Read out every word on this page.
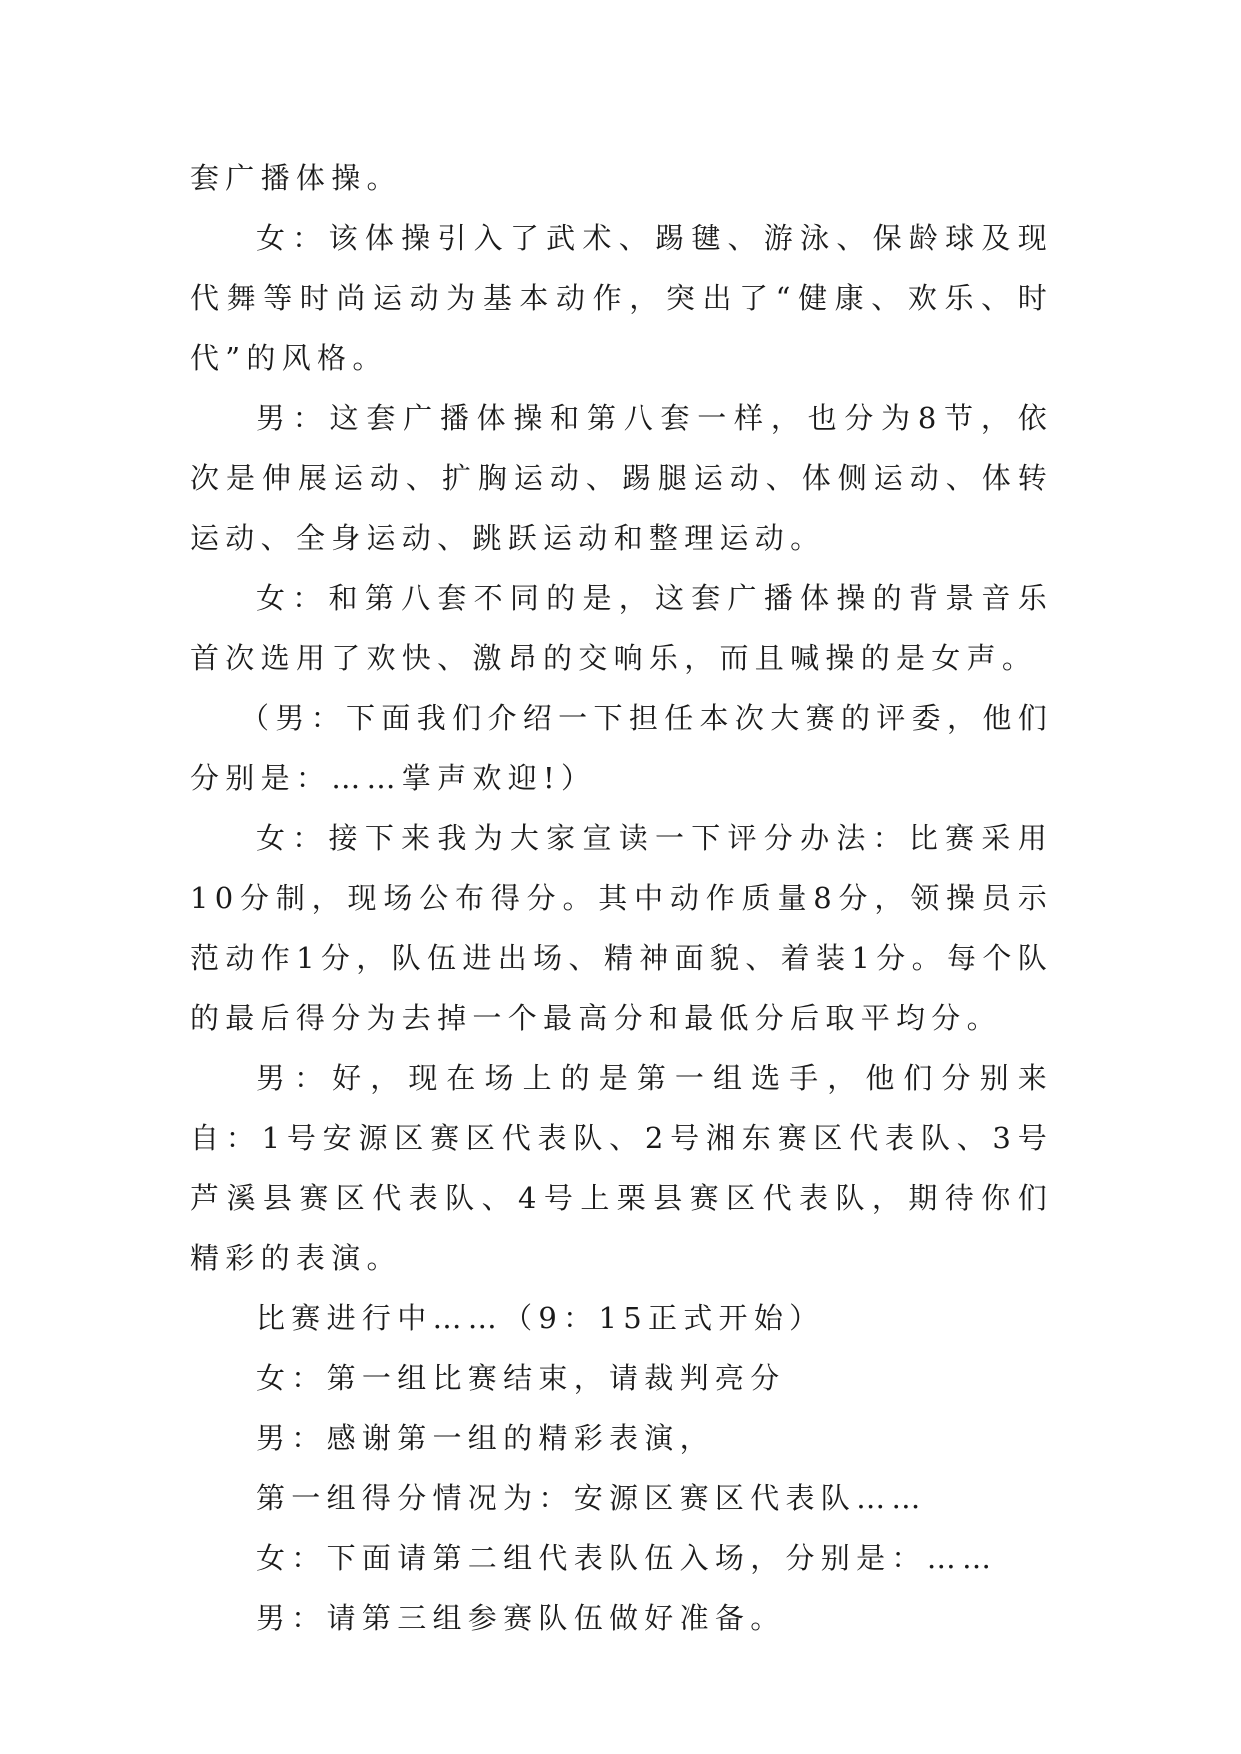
套广播体操。

女：该体操引入了武术、踢毽、游泳、保龄球及现代舞等时尚运动为基本动作，突出了“健康、欢乐、时代”的风格。

男：这套广播体操和第八套一样，也分为8节，依次是伸展运动、扩胸运动、踢腿运动、体侧运动、体转运动、全身运动、跳跃运动和整理运动。

女：和第八套不同的是，这套广播体操的背景音乐首次选用了欢快、激昂的交响乐，而且喊操的是女声。

（男：下面我们介绍一下担任本次大赛的评委，他们分别是：……掌声欢迎!）

女：接下来我为大家宣读一下评分办法：比赛采用10分制，现场公布得分。其中动作质量8分，领操员示范动作1分，队伍进出场、精神面貌、着装1分。每个队的最后得分为去掉一个最高分和最低分后取平均分。

男：好，现在场上的是第一组选手，他们分别来自：1号安源区赛区代表队、2号湘东赛区代表队、3号芦溪县赛区代表队、4号上栗县赛区代表队，期待你们精彩的表演。

比赛进行中……（9：15正式开始）

女：第一组比赛结束，请裁判亮分

男：感谢第一组的精彩表演，

第一组得分情况为：安源区赛区代表队……

女：下面请第二组代表队伍入场，分别是：……

男：请第三组参赛队伍做好准备。
